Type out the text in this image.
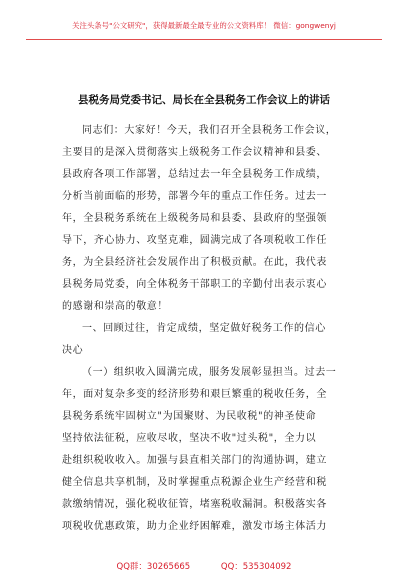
关注头条号"公文研究"，获得最新最全最专业的公文资料库！ 微信：gongwenyj
县税务局党委书记、局长在全县税务工作会议上的讲话
同志们：大家好！今天，我们召开全县税务工作会议，
主要目的是深入贯彻落实上级税务工作会议精神和县委、
县政府各项工作部署，总结过去一年全县税务工作成绩，
分析当前面临的形势，部署今年的重点工作任务。过去一
年，全县税务系统在上级税务局和县委、县政府的坚强领
导下，齐心协力、攻坚克难，圆满完成了各项税收工作任
务，为全县经济社会发展作出了积极贡献。在此，我代表
县税务局党委，向全体税务干部职工的辛勤付出表示衷心
的感谢和崇高的敬意！
一、回顾过往，肯定成绩，坚定做好税务工作的信心
决心
（一）组织收入圆满完成，服务发展彰显担当。过去一
年，面对复杂多变的经济形势和艰巨繁重的税收任务，全
县税务系统牢固树立"为国聚财、为民收税"的神圣使命
坚持依法征税，应收尽收，坚决不收"过头税"，全力以
赴组织税收收入。加强与县直相关部门的沟通协调，建立
健全信息共享机制，及时掌握重点税源企业生产经营和税
款缴纳情况，强化税收征管，堵塞税收漏洞。积极落实各
项税收优惠政策，助力企业纾困解难，激发市场主体活力
QQ群：30265665	QQ：535304092
